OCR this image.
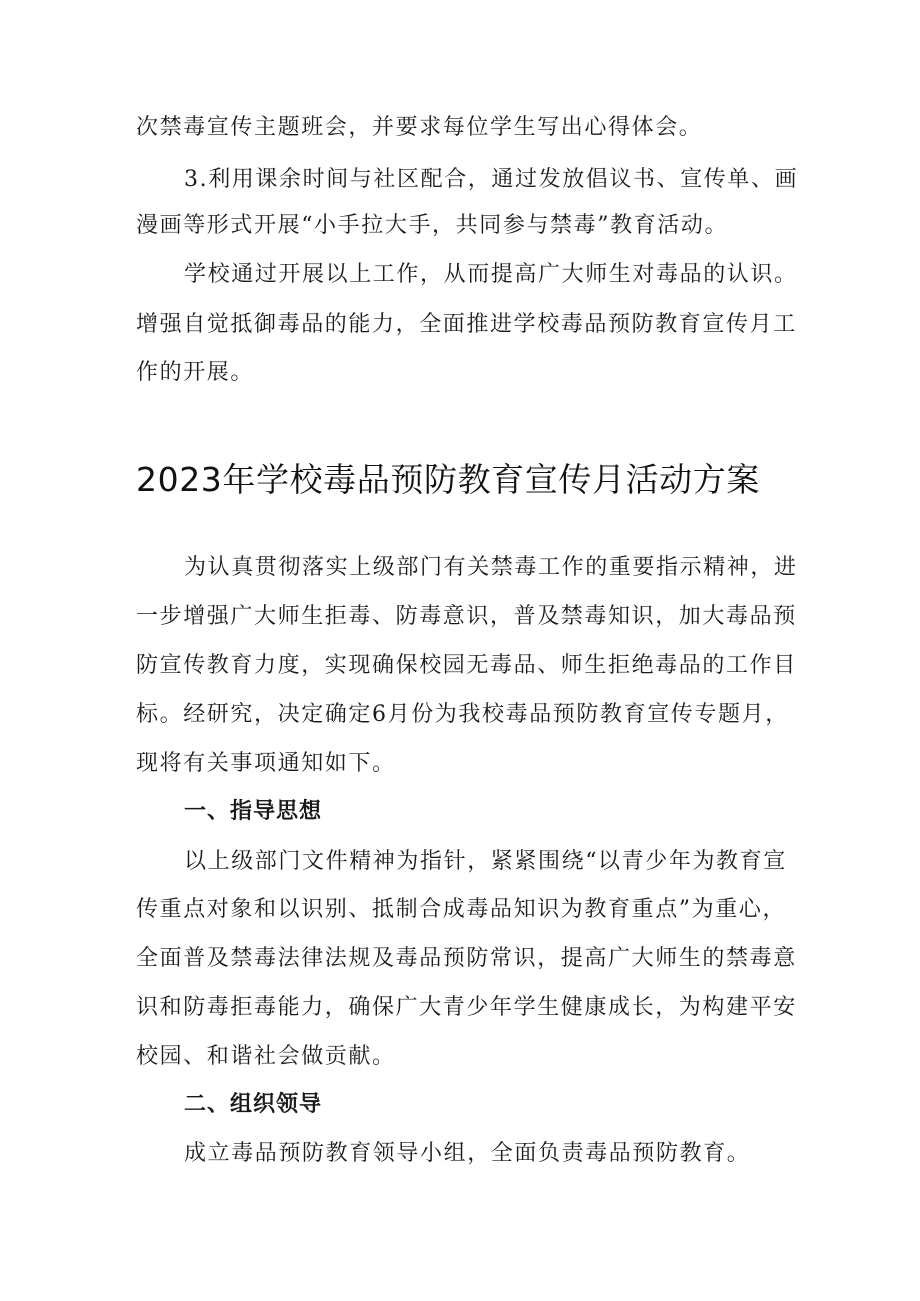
次禁毒宣传主题班会，并要求每位学生写出心得体会。
3.利用课余时间与社区配合，通过发放倡议书、宣传单、画
漫画等形式开展“小手拉大手，共同参与禁毒”教育活动。
学校通过开展以上工作，从而提高广大师生对毒品的认识。
增强自觉抵御毒品的能力，全面推进学校毒品预防教育宣传月工
作的开展。
2023年学校毒品预防教育宣传月活动方案
为认真贯彻落实上级部门有关禁毒工作的重要指示精神，进
一步增强广大师生拒毒、防毒意识，普及禁毒知识，加大毒品预
防宣传教育力度，实现确保校园无毒品、师生拒绝毒品的工作目
标。经研究，决定确定6月份为我校毒品预防教育宣传专题月，
现将有关事项通知如下。
一、指导思想
以上级部门文件精神为指针，紧紧围绕“以青少年为教育宣
传重点对象和以识别、抵制合成毒品知识为教育重点”为重心，
全面普及禁毒法律法规及毒品预防常识，提高广大师生的禁毒意
识和防毒拒毒能力，确保广大青少年学生健康成长，为构建平安
校园、和谐社会做贡献。
二、组织领导
成立毒品预防教育领导小组，全面负责毒品预防教育。
